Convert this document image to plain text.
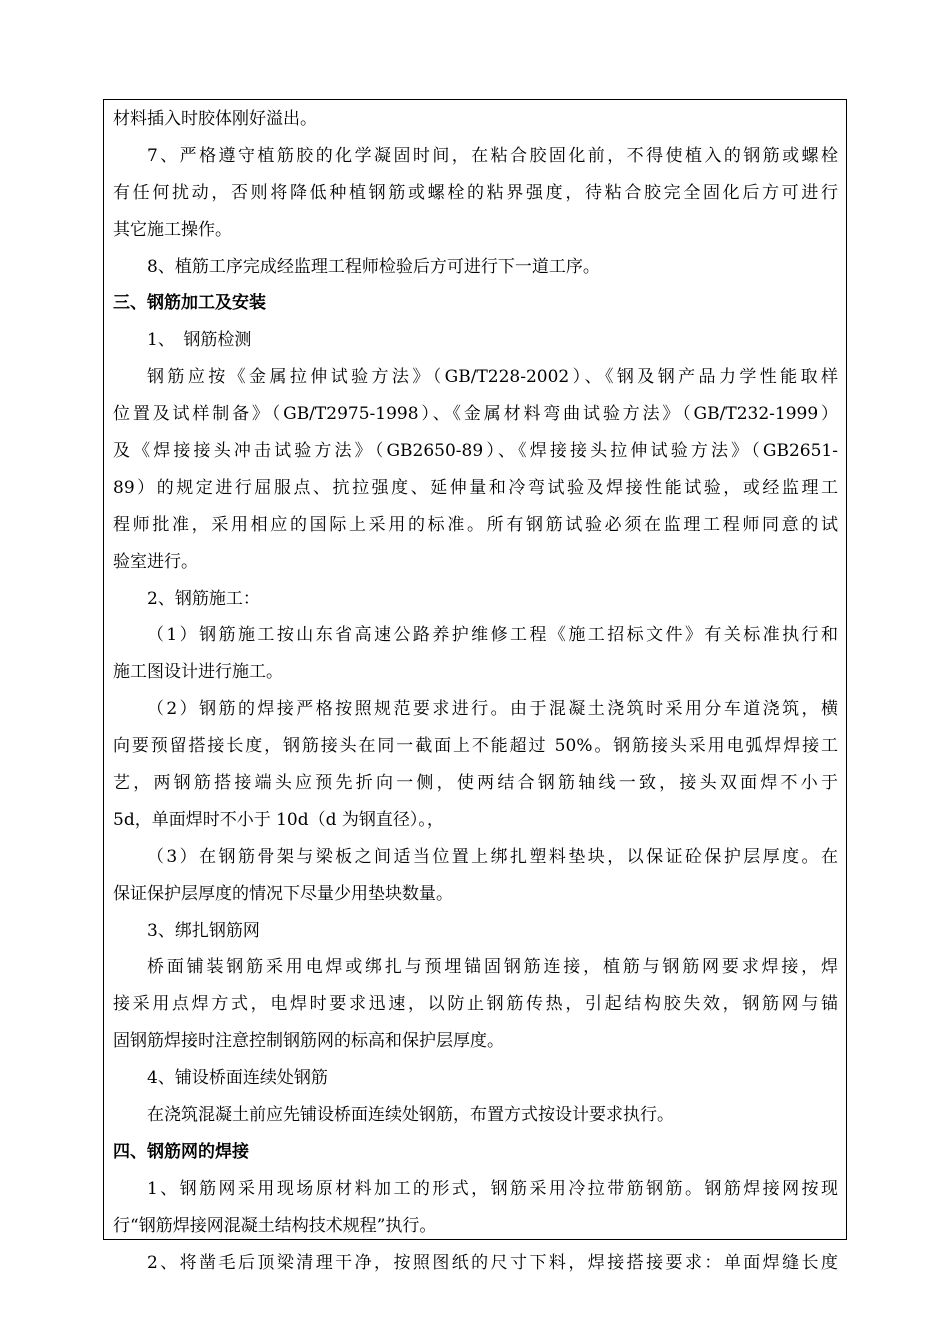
材料插入时胶体刚好溢出。
7、严格遵守植筋胶的化学凝固时间，在粘合胶固化前，不得使植入的钢筋或螺栓
有任何扰动，否则将降低种植钢筋或螺栓的粘界强度，待粘合胶完全固化后方可进行
其它施工操作。
8、植筋工序完成经监理工程师检验后方可进行下一道工序。
三、钢筋加工及安装
1、　钢筋检测
钢筋应按《金属拉伸试验方法》（GB/T228-2002）、《钢及钢产品力学性能取样
位置及试样制备》（GB/T2975-1998）、《金属材料弯曲试验方法》（GB/T232-1999）
及《焊接接头冲击试验方法》（GB2650-89）、《焊接接头拉伸试验方法》（GB2651-
89）的规定进行屈服点、抗拉强度、延伸量和冷弯试验及焊接性能试验，或经监理工
程师批准，采用相应的国际上采用的标准。所有钢筋试验必须在监理工程师同意的试
验室进行。
2、钢筋施工：
（1）钢筋施工按山东省高速公路养护维修工程《施工招标文件》有关标准执行和
施工图设计进行施工。
（2）钢筋的焊接严格按照规范要求进行。由于混凝土浇筑时采用分车道浇筑，横
向要预留搭接长度，钢筋接头在同一截面上不能超过 50%。钢筋接头采用电弧焊焊接工
艺，两钢筋搭接端头应预先折向一侧，使两结合钢筋轴线一致，接头双面焊不小于
5d，单面焊时不小于 10d（d 为钢直径）。，
（3）在钢筋骨架与梁板之间适当位置上绑扎塑料垫块，以保证砼保护层厚度。在
保证保护层厚度的情况下尽量少用垫块数量。
3、绑扎钢筋网
桥面铺装钢筋采用电焊或绑扎与预埋锚固钢筋连接，植筋与钢筋网要求焊接，焊
接采用点焊方式，电焊时要求迅速，以防止钢筋传热，引起结构胶失效，钢筋网与锚
固钢筋焊接时注意控制钢筋网的标高和保护层厚度。
4、铺设桥面连续处钢筋
在浇筑混凝土前应先铺设桥面连续处钢筋，布置方式按设计要求执行。
四、钢筋网的焊接
1、钢筋网采用现场原材料加工的形式，钢筋采用冷拉带筋钢筋。钢筋焊接网按现
行“钢筋焊接网混凝土结构技术规程”执行。
2、将凿毛后顶梁清理干净，按照图纸的尺寸下料，焊接搭接要求：单面焊缝长度
